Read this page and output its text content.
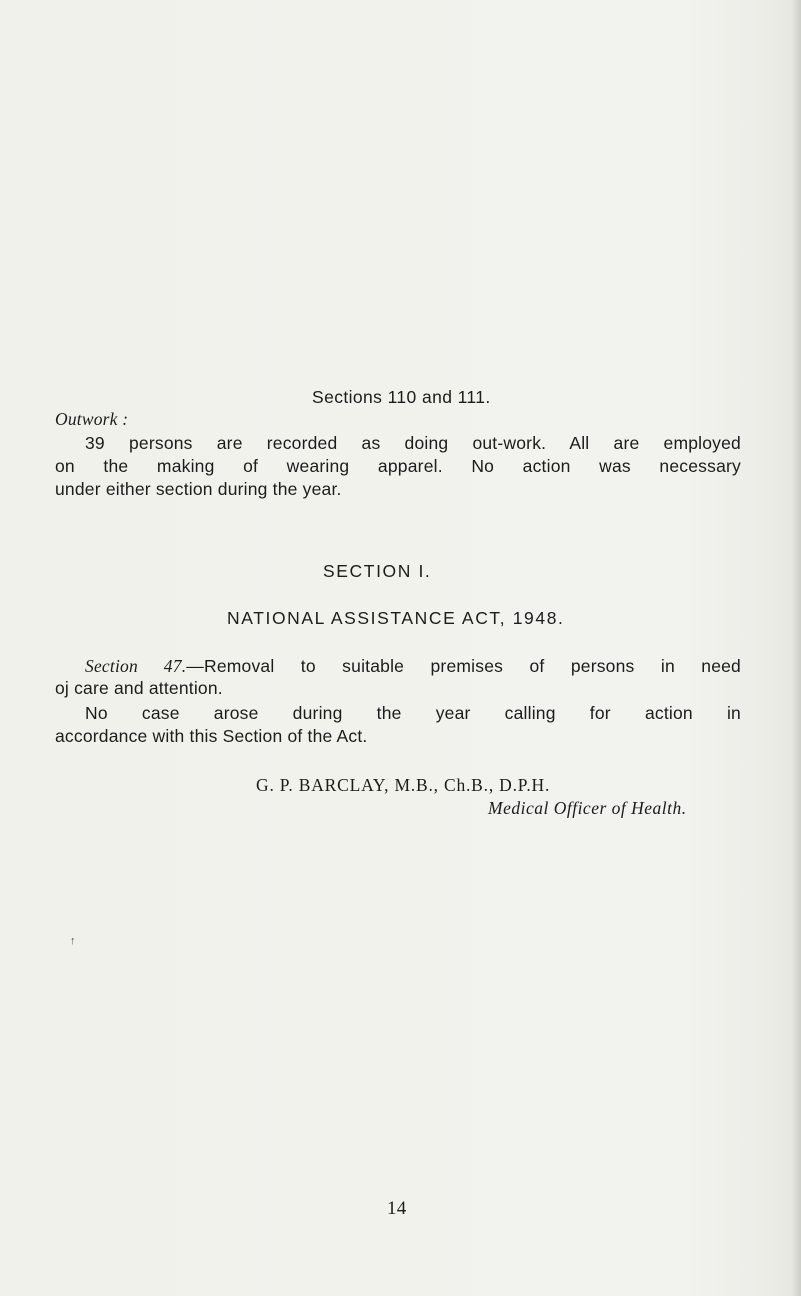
Sections 110 and 111.
Outwork :
39 persons are recorded as doing out-work. All are employed
on the making of wearing apparel. No action was necessary
under either section during the year.
SECTION I.
NATIONAL ASSISTANCE ACT, 1948.
Section 47.—Removal to suitable premises of persons in need
oj care and attention.
No case arose during the year calling for action in
accordance with this Section of the Act.
G. P. BARCLAY, M.B., Ch.B., D.P.H.
Medical Officer of Health.
↑
14
